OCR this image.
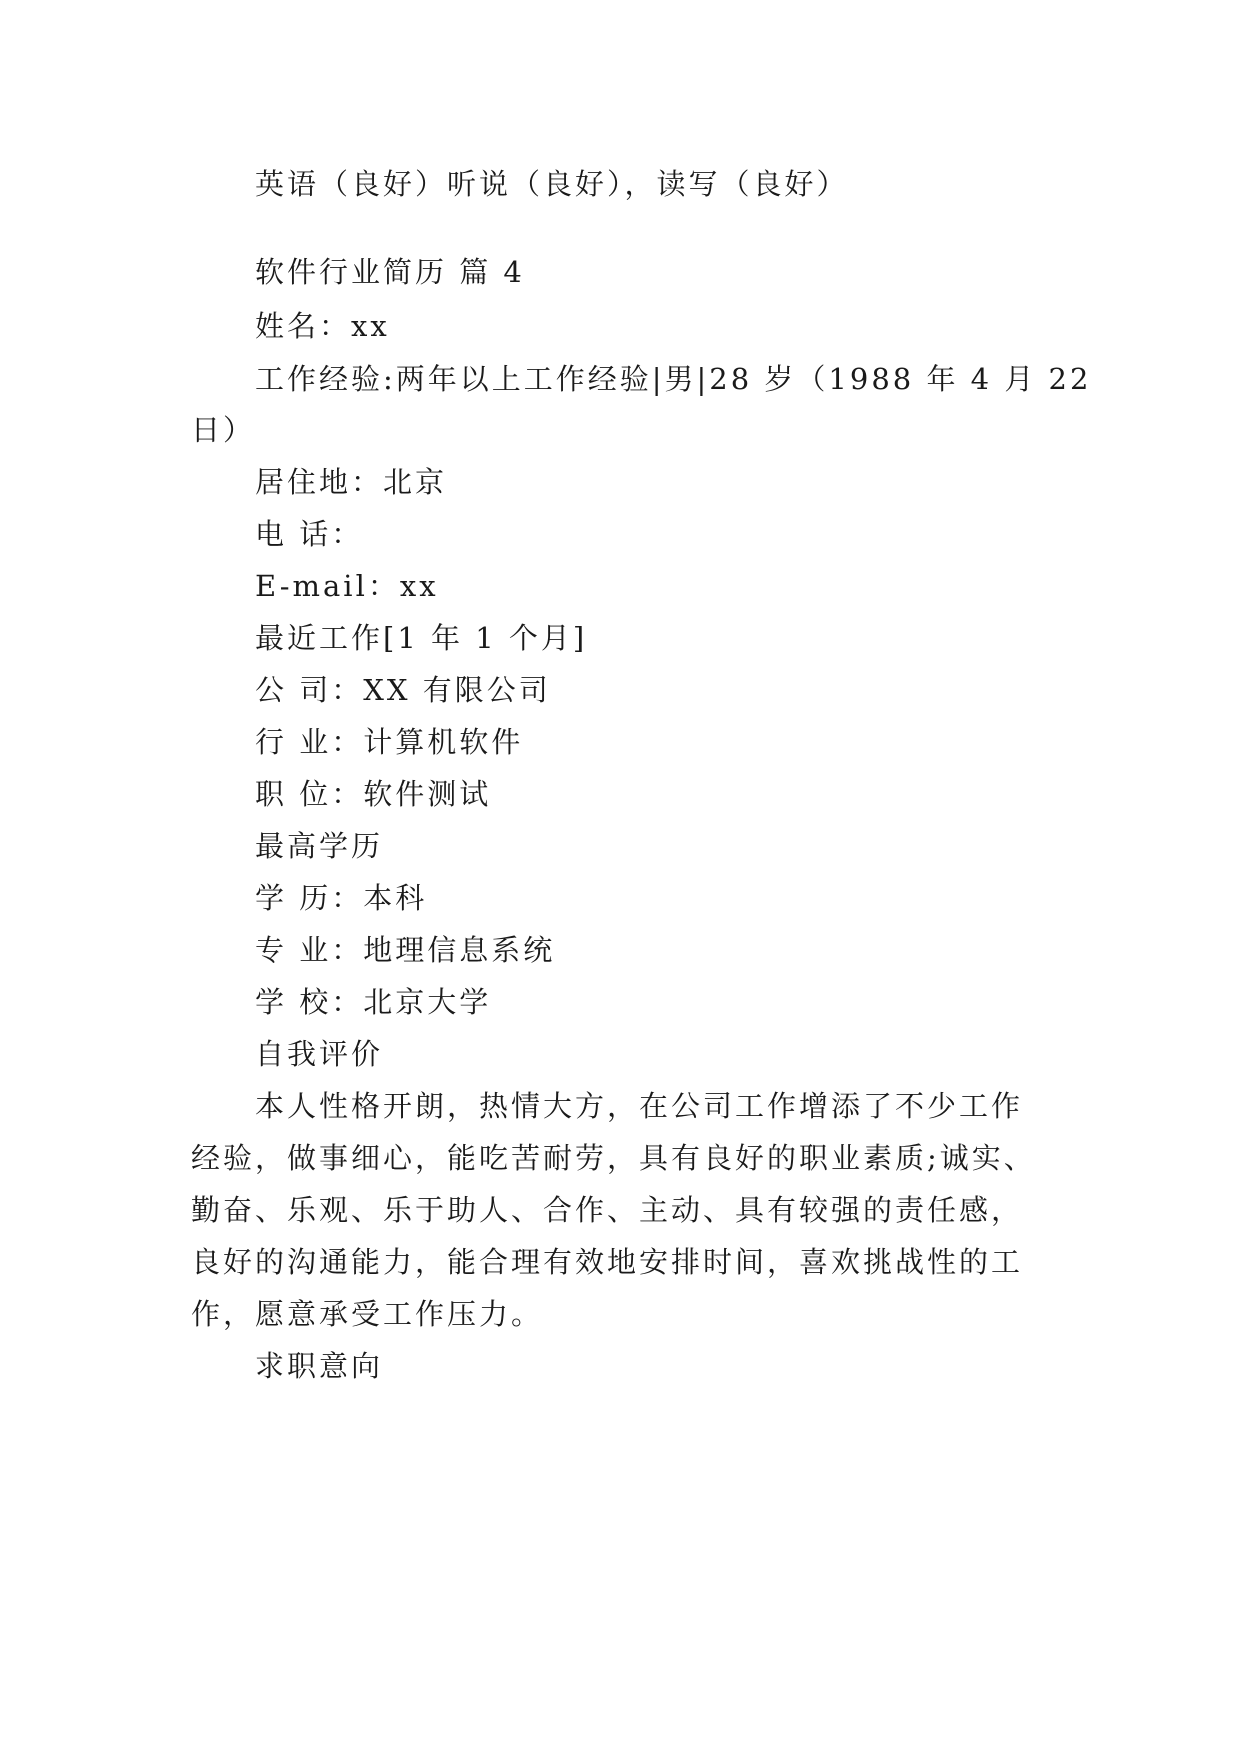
英语（良好）听说（良好），读写（良好）
软件行业简历 篇 4
姓名：xx
工作经验:两年以上工作经验|男|28 岁（1988 年 4 月 22
日）
居住地：北京
电 话：
E-mail：xx
最近工作[1 年 1 个月]
公 司：XX 有限公司
行 业：计算机软件
职 位：软件测试
最高学历
学 历：本科
专 业：地理信息系统
学 校：北京大学
自我评价
本人性格开朗，热情大方，在公司工作增添了不少工作
经验，做事细心，能吃苦耐劳，具有良好的职业素质;诚实、
勤奋、乐观、乐于助人、合作、主动、具有较强的责任感，
良好的沟通能力，能合理有效地安排时间，喜欢挑战性的工
作，愿意承受工作压力。
求职意向
